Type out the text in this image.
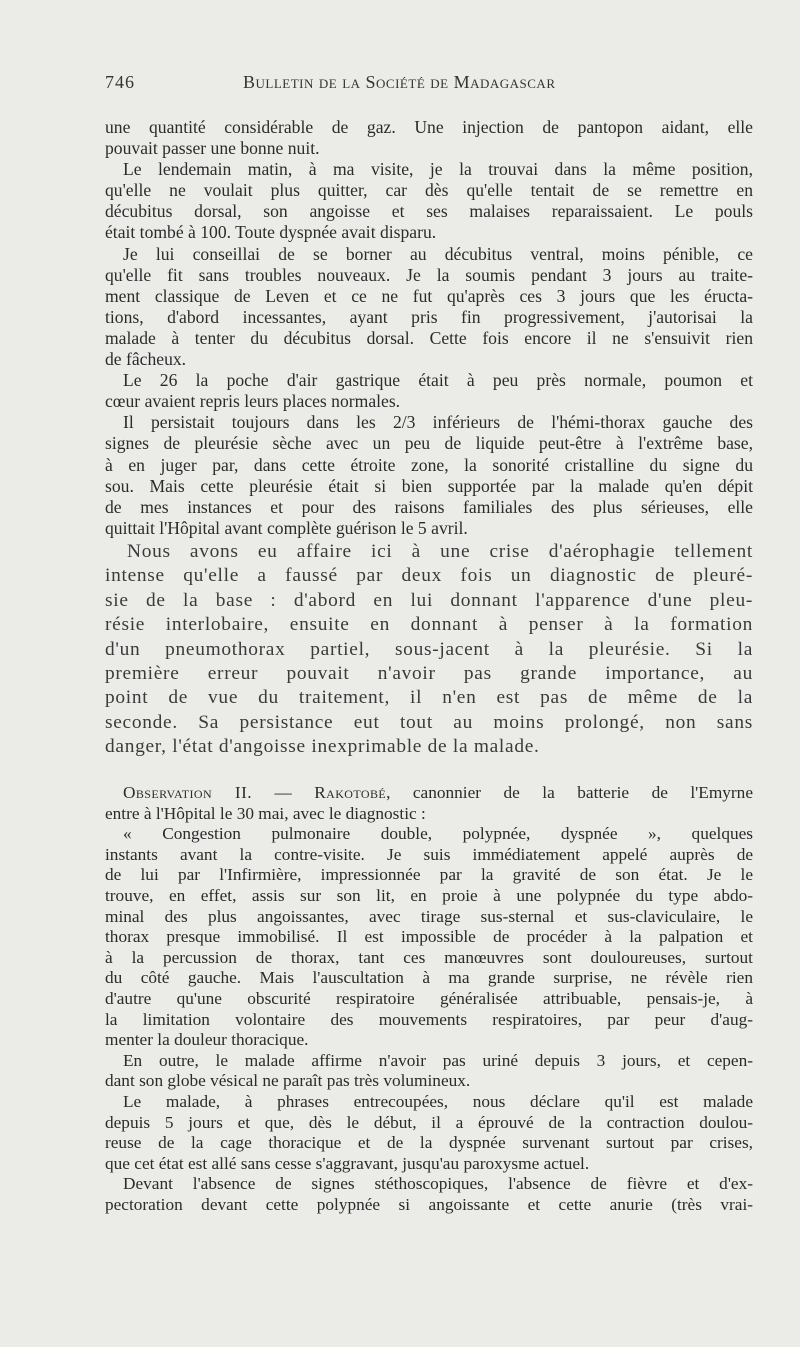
746	Bulletin de la Société de Madagascar
une quantité considérable de gaz. Une injection de pantopon aidant, elle
pouvait passer une bonne nuit.
Le lendemain matin, à ma visite, je la trouvai dans la même position,
qu'elle ne voulait plus quitter, car dès qu'elle tentait de se remettre en
décubitus dorsal, son angoisse et ses malaises reparaissaient. Le pouls
était tombé à 100. Toute dyspnée avait disparu.
Je lui conseillai de se borner au décubitus ventral, moins pénible, ce
qu'elle fit sans troubles nouveaux. Je la soumis pendant 3 jours au traite-
ment classique de Leven et ce ne fut qu'après ces 3 jours que les éructa-
tions, d'abord incessantes, ayant pris fin progressivement, j'autorisai la
malade à tenter du décubitus dorsal. Cette fois encore il ne s'ensuivit rien
de fâcheux.
Le 26 la poche d'air gastrique était à peu près normale, poumon et
cœur avaient repris leurs places normales.
Il persistait toujours dans les 2/3 inférieurs de l'hémi-thorax gauche des
signes de pleurésie sèche avec un peu de liquide peut-être à l'extrême base,
à en juger par, dans cette étroite zone, la sonorité cristalline du signe du
sou. Mais cette pleurésie était si bien supportée par la malade qu'en dépit
de mes instances et pour des raisons familiales des plus sérieuses, elle
quittait l'Hôpital avant complète guérison le 5 avril.
Nous avons eu affaire ici à une crise d'aérophagie tellement
intense qu'elle a faussé par deux fois un diagnostic de pleuré-
sie de la base : d'abord en lui donnant l'apparence d'une pleu-
résie interlobaire, ensuite en donnant à penser à la formation
d'un pneumothorax partiel, sous-jacent à la pleurésie. Si la
première erreur pouvait n'avoir pas grande importance, au
point de vue du traitement, il n'en est pas de même de la
seconde. Sa persistance eut tout au moins prolongé, non sans
danger, l'état d'angoisse inexprimable de la malade.
Observation II. — Rakotobé, canonnier de la batterie de l'Emyrne
entre à l'Hôpital le 30 mai, avec le diagnostic :
« Congestion pulmonaire double, polypnée, dyspnée », quelques
instants avant la contre-visite. Je suis immédiatement appelé auprès de
de lui par l'Infirmière, impressionnée par la gravité de son état. Je le
trouve, en effet, assis sur son lit, en proie à une polypnée du type abdo-
minal des plus angoissantes, avec tirage sus-sternal et sus-claviculaire, le
thorax presque immobilisé. Il est impossible de procéder à la palpation et
à la percussion de thorax, tant ces manœuvres sont douloureuses, surtout
du côté gauche. Mais l'auscultation à ma grande surprise, ne révèle rien
d'autre qu'une obscurité respiratoire généralisée attribuable, pensais-je, à
la limitation volontaire des mouvements respiratoires, par peur d'aug-
menter la douleur thoracique.
En outre, le malade affirme n'avoir pas uriné depuis 3 jours, et cepen-
dant son globe vésical ne paraît pas très volumineux.
Le malade, à phrases entrecoupées, nous déclare qu'il est malade
depuis 5 jours et que, dès le début, il a éprouvé de la contraction doulou-
reuse de la cage thoracique et de la dyspnée survenant surtout par crises,
que cet état est allé sans cesse s'aggravant, jusqu'au paroxysme actuel.
Devant l'absence de signes stéthoscopiques, l'absence de fièvre et d'ex-
pectoration devant cette polypnée si angoissante et cette anurie (très vrai-
